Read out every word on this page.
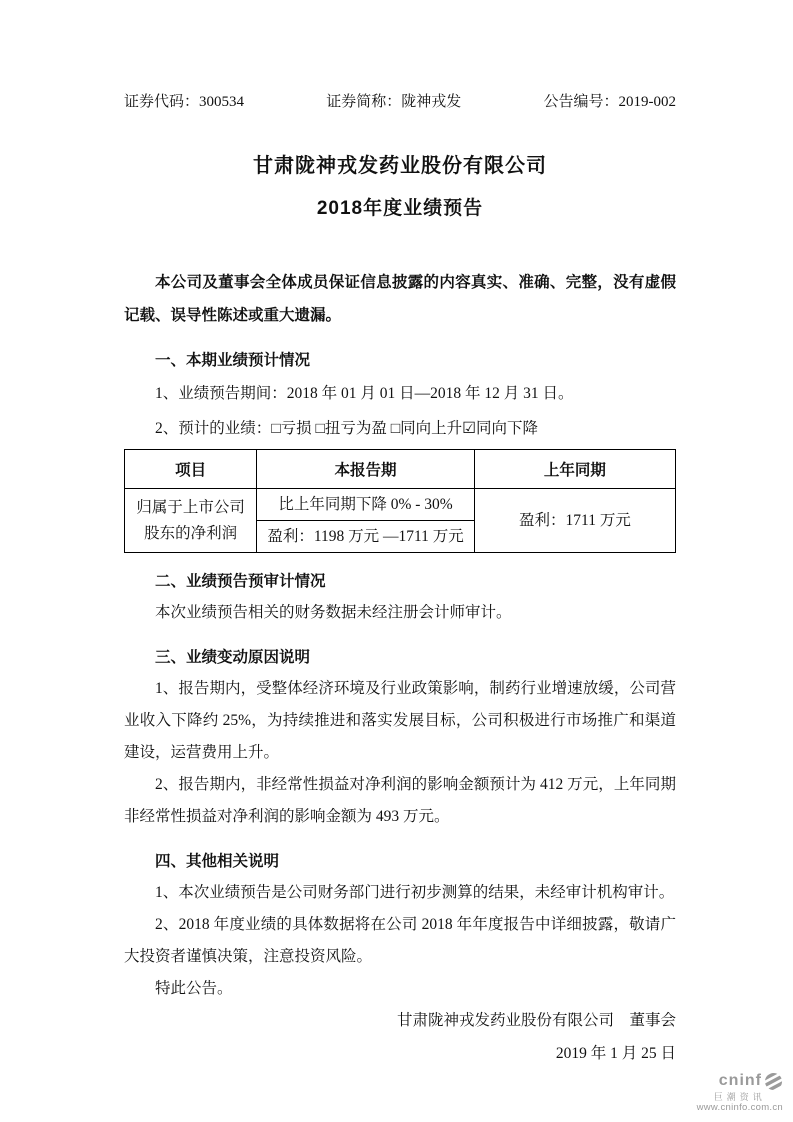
证券代码：300534	证券简称：陇神戎发	公告编号：2019-002
甘肃陇神戎发药业股份有限公司
2018年度业绩预告

本公司及董事会全体成员保证信息披露的内容真实、准确、完整，没有虚假记载、误导性陈述或重大遗漏。

一、本期业绩预计情况

1、业绩预告期间：2018 年 01 月 01 日—2018 年 12 月 31 日。

2、预计的业绩：□亏损 □扭亏为盈 □同向上升☑同向下降

项目	本报告期	上年同期
归属于上市公司股东的净利润	比上年同期下降 0% - 30%	盈利：1711 万元
	盈利：1198 万元 —1711 万元	
二、业绩预告预审计情况

本次业绩预告相关的财务数据未经注册会计师审计。

三、业绩变动原因说明

1、报告期内，受整体经济环境及行业政策影响，制药行业增速放缓，公司营业收入下降约 25%，为持续推进和落实发展目标，公司积极进行市场推广和渠道建设，运营费用上升。

2、报告期内，非经常性损益对净利润的影响金额预计为 412 万元，上年同期非经常性损益对净利润的影响金额为 493 万元。

四、其他相关说明

1、本次业绩预告是公司财务部门进行初步测算的结果，未经审计机构审计。

2、2018 年度业绩的具体数据将在公司 2018 年年度报告中详细披露，敬请广大投资者谨慎决策，注意投资风险。

特此公告。

甘肃陇神戎发药业股份有限公司　董事会

2019 年 1 月 25 日

cninf
巨潮资讯
www.cninfo.com.cn
